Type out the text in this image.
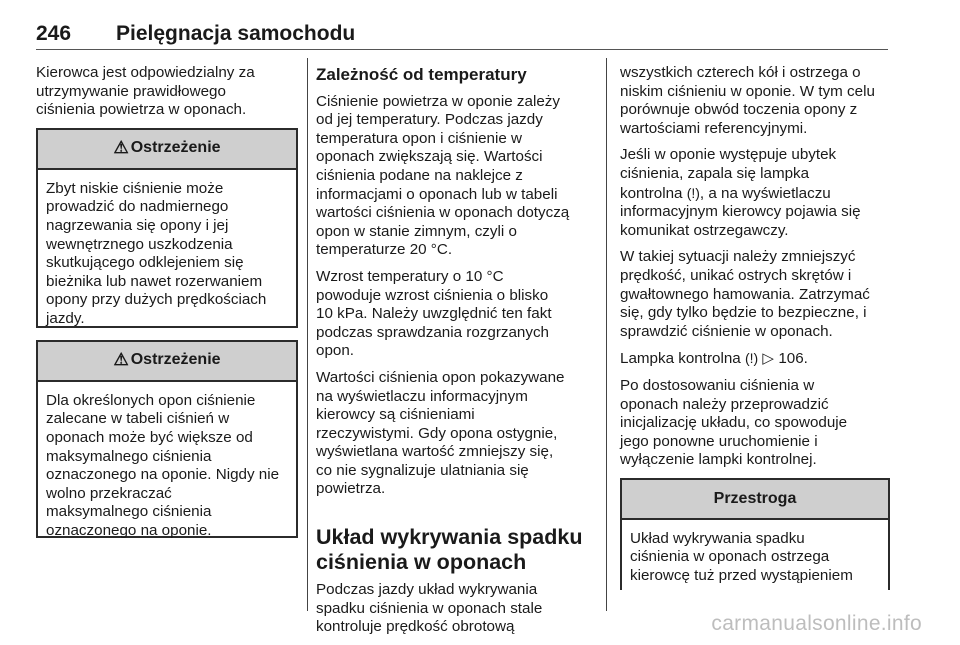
246 Pielęgnacja samochodu

Kierowca jest odpowiedzialny za
utrzymywanie prawidłowego
ciśnienia powietrza w oponach.

⚠ Ostrzeżenie
Zbyt niskie ciśnienie może
prowadzić do nadmiernego
nagrzewania się opony i jej
wewnętrznego uszkodzenia
skutkującego odklejeniem się
bieżnika lub nawet rozerwaniem
opony przy dużych prędkościach
jazdy.
⚠ Ostrzeżenie
Dla określonych opon ciśnienie
zalecane w tabeli ciśnień w
oponach może być większe od
maksymalnego ciśnienia
oznaczonego na oponie. Nigdy nie
wolno przekraczać
maksymalnego ciśnienia
oznaczonego na oponie.
Zależność od temperatury

Ciśnienie powietrza w oponie zależy
od jej temperatury. Podczas jazdy
temperatura opon i ciśnienie w
oponach zwiększają się. Wartości
ciśnienia podane na naklejce z
informacjami o oponach lub w tabeli
wartości ciśnienia w oponach dotyczą
opon w stanie zimnym, czyli o
temperaturze 20 °C.

Wzrost temperatury o 10 °C
powoduje wzrost ciśnienia o blisko
10 kPa. Należy uwzględnić ten fakt
podczas sprawdzania rozgrzanych
opon.

Wartości ciśnienia opon pokazywane
na wyświetlaczu informacyjnym
kierowcy są ciśnieniami
rzeczywistymi. Gdy opona ostygnie,
wyświetlana wartość zmniejszy się,
co nie sygnalizuje ulatniania się
powietrza.

Układ wykrywania spadku
ciśnienia w oponach

Podczas jazdy układ wykrywania
spadku ciśnienia w oponach stale
kontroluje prędkość obrotową

wszystkich czterech kół i ostrzega o
niskim ciśnieniu w oponie. W tym celu
porównuje obwód toczenia opony z
wartościami referencyjnymi.

Jeśli w oponie występuje ubytek
ciśnienia, zapala się lampka
kontrolna (!), a na wyświetlaczu
informacyjnym kierowcy pojawia się
komunikat ostrzegawczy.

W takiej sytuacji należy zmniejszyć
prędkość, unikać ostrych skrętów i
gwałtownego hamowania. Zatrzymać
się, gdy tylko będzie to bezpieczne, i
sprawdzić ciśnienie w oponach.

Lampka kontrolna (!) ▷ 106.

Po dostosowaniu ciśnienia w
oponach należy przeprowadzić
inicjalizację układu, co spowoduje
jego ponowne uruchomienie i
wyłączenie lampki kontrolnej.

Przestroga
Układ wykrywania spadku
ciśnienia w oponach ostrzega
kierowcę tuż przed wystąpieniem
carmanualsonline.info
